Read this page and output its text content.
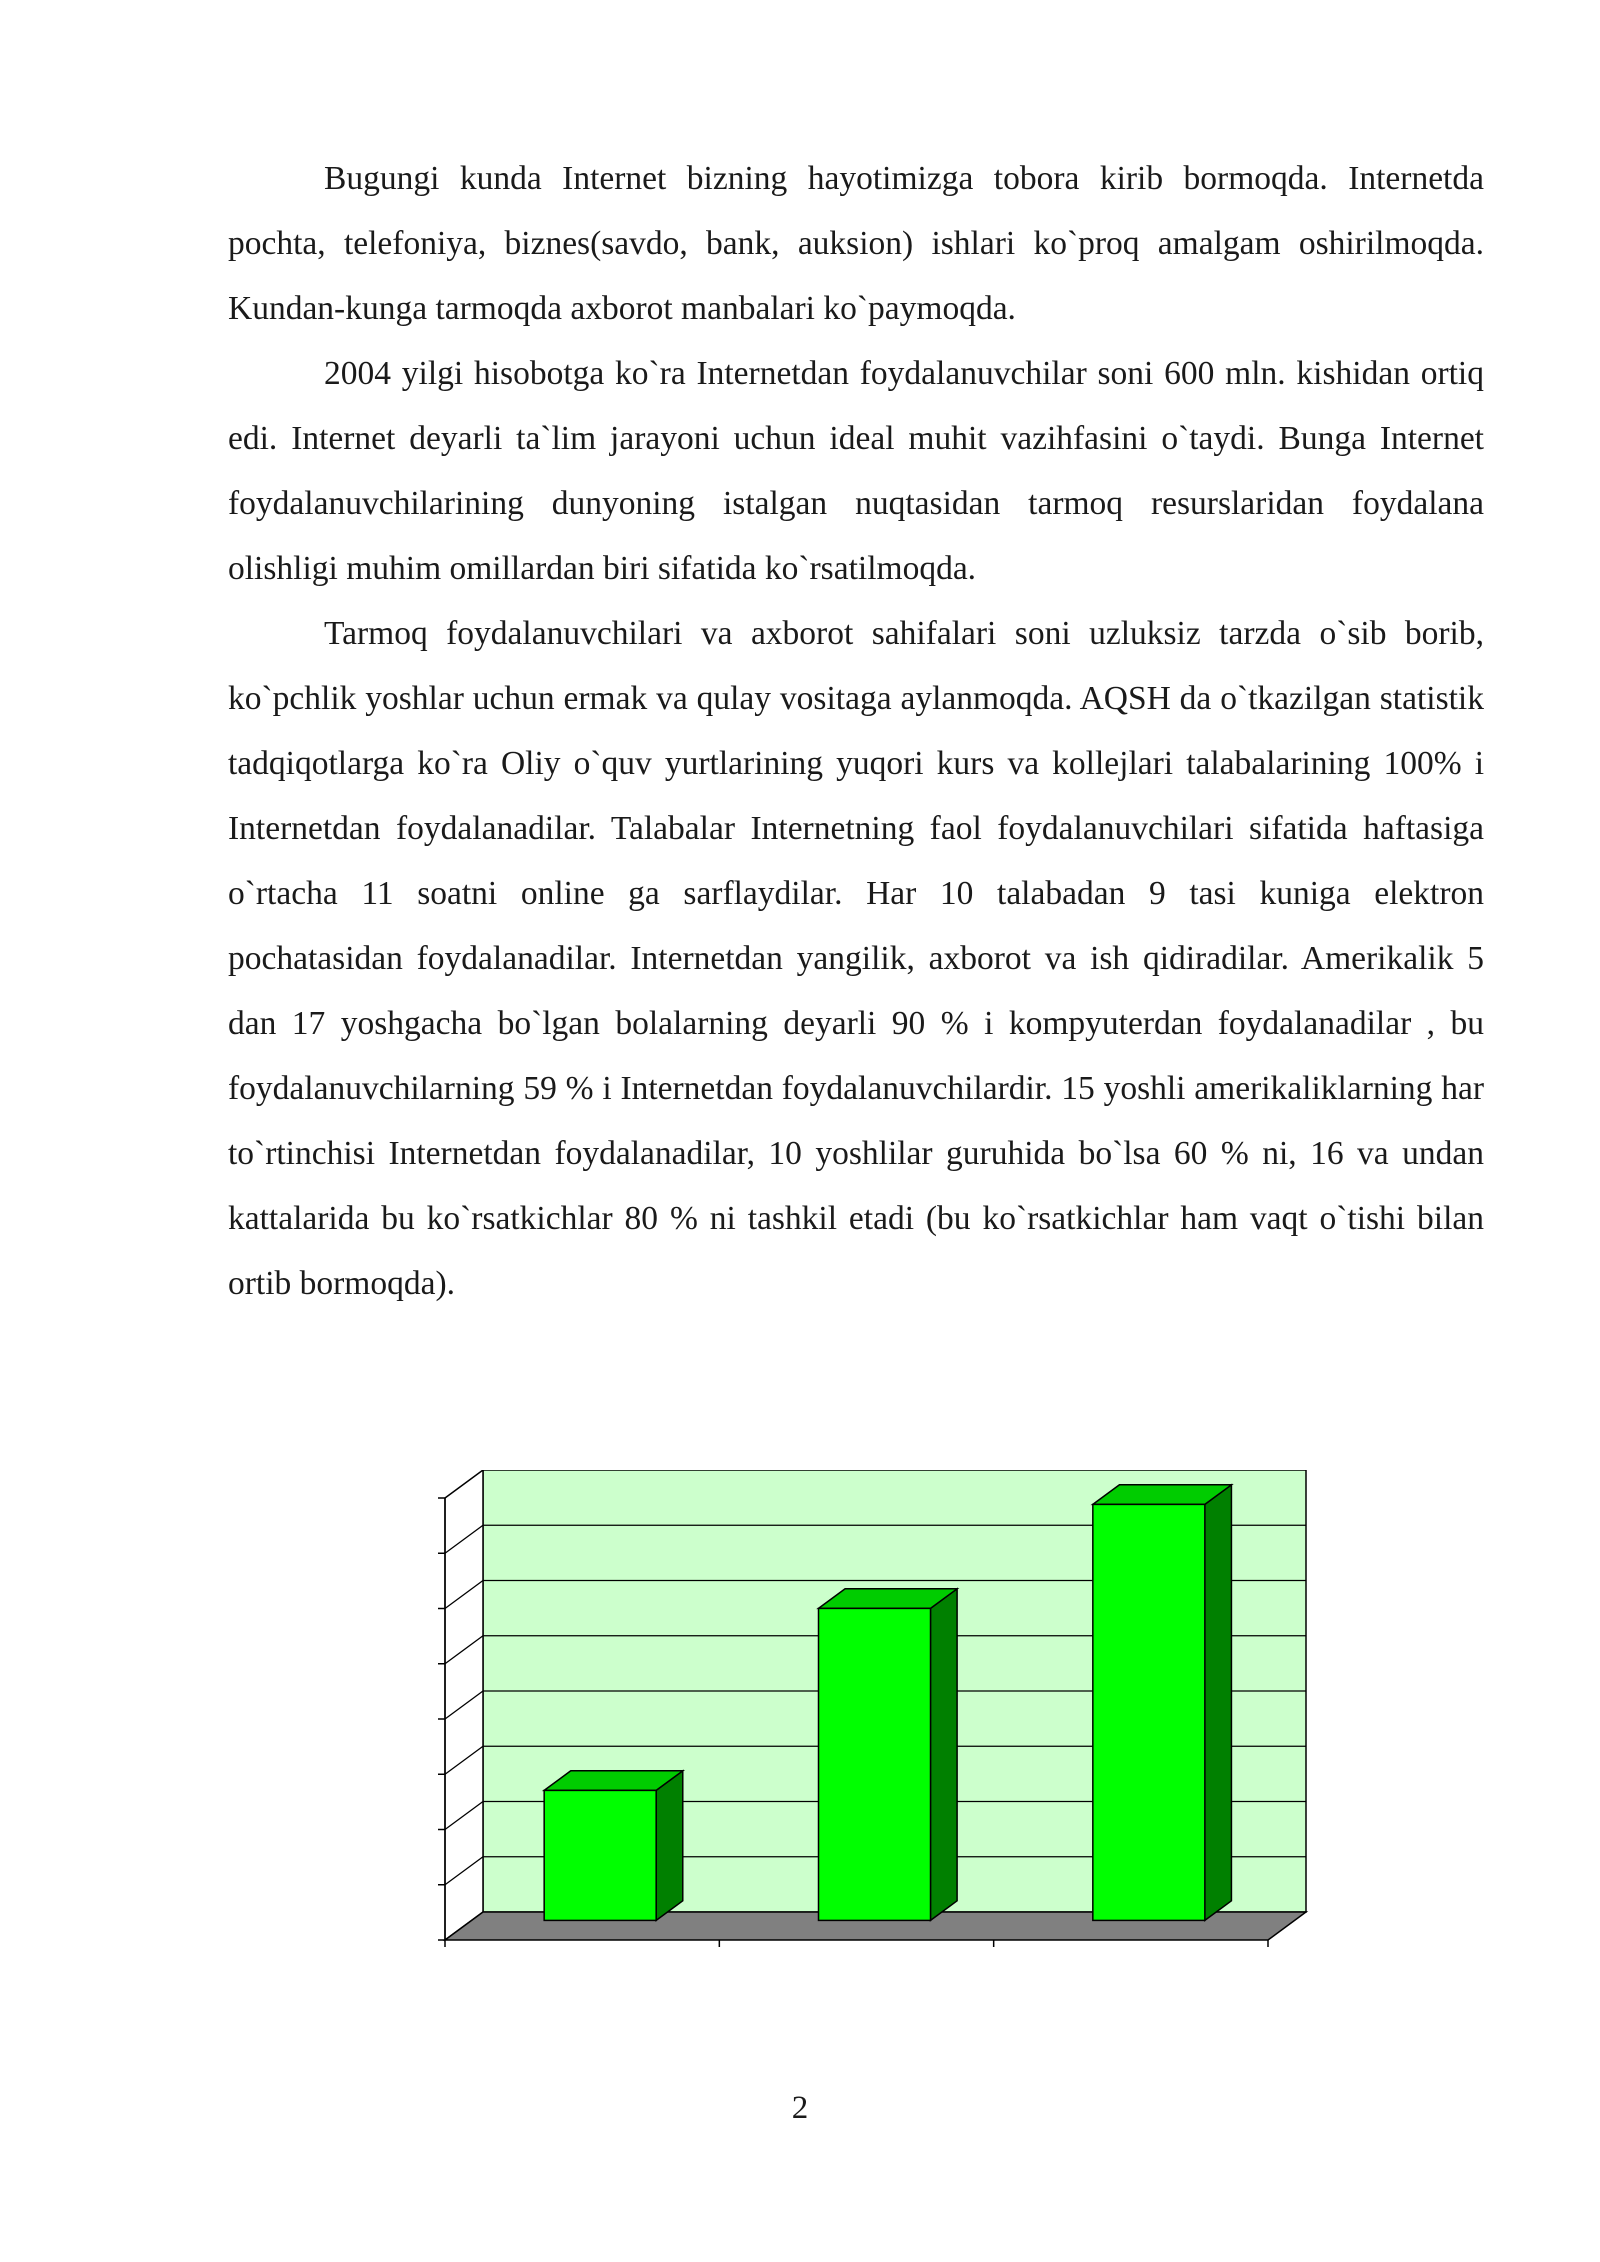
Bugungi kunda Internet bizning hayotimizga tobora kirib bormoqda. Internetda pochta, telefoniya, biznes(savdo, bank, auksion) ishlari ko`proq amalgam oshirilmoqda. Kundan-kunga tarmoqda axborot manbalari ko`paymoqda.

2004 yilgi hisobotga ko`ra Internetdan foydalanuvchilar soni 600 mln. kishidan ortiq edi. Internet deyarli ta`lim jarayoni uchun ideal muhit vazihfasini o`taydi. Bunga Internet foydalanuvchilarining dunyoning istalgan nuqtasidan tarmoq resurslaridan foydalana olishligi muhim omillardan biri sifatida ko`rsatilmoqda.

Tarmoq foydalanuvchilari va axborot sahifalari soni uzluksiz tarzda o`sib borib, ko`pchlik yoshlar uchun ermak va qulay vositaga aylanmoqda. AQSH da o`tkazilgan statistik tadqiqotlarga ko`ra Oliy o`quv yurtlarining yuqori kurs va kollejlari talabalarining 100% i Internetdan foydalanadilar. Talabalar Internetning faol foydalanuvchilari sifatida haftasiga o`rtacha 11 soatni online ga sarflaydilar. Har 10 talabadan 9 tasi kuniga elektron pochatasidan foydalanadilar. Internetdan yangilik, axborot va ish qidiradilar. Amerikalik 5 dan 17 yoshgacha bo`lgan bolalarning deyarli 90 % i kompyuterdan foydalanadilar , bu foydalanuvchilarning 59 % i Internetdan foydalanuvchilardir. 15 yoshli amerikaliklarning har to`rtinchisi Internetdan foydalanadilar, 10 yoshlilar guruhida bo`lsa 60 % ni, 16 va undan kattalarida bu ko`rsatkichlar 80 % ni tashkil etadi (bu ko`rsatkichlar ham vaqt o`tishi bilan ortib bormoqda).

2
